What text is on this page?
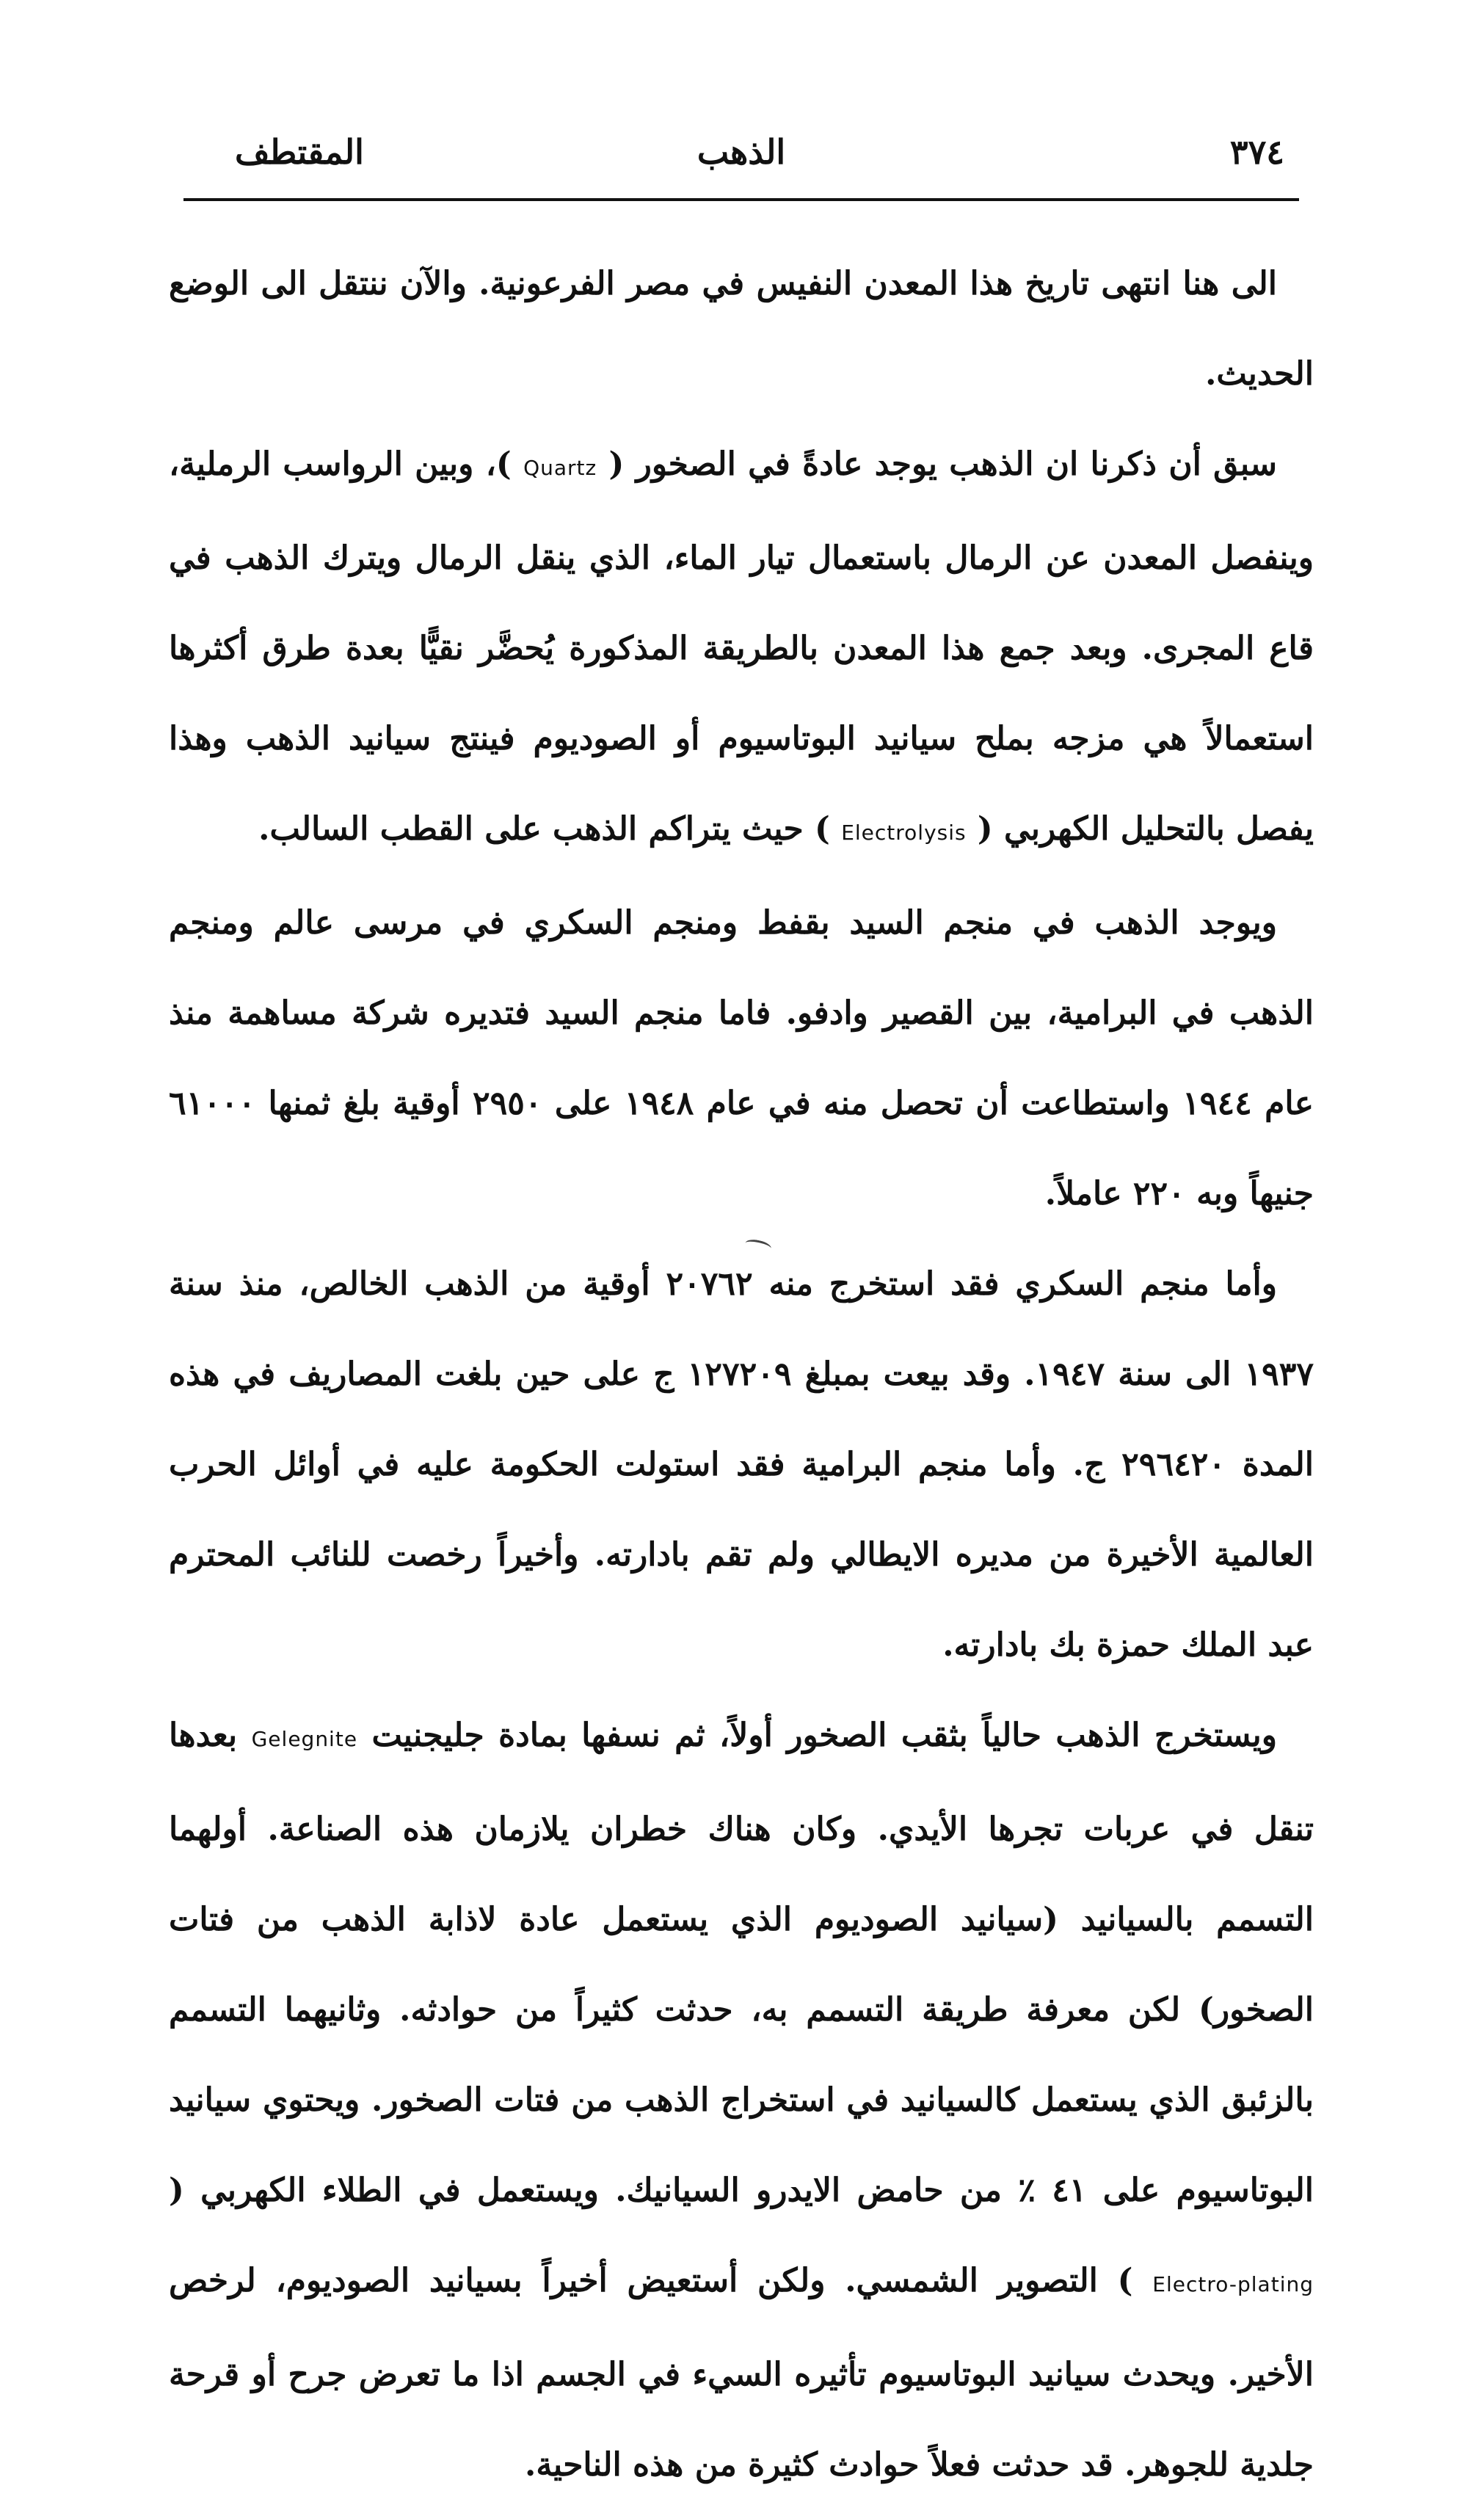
٣٧٤
الذهب
المقتطف

الى هنا انتهى تاريخ هذا المعدن النفيس في مصر الفرعونية. والآن ننتقل الى الوضع الحديث.

سبق أن ذكرنا ان الذهب يوجد عادةً في الصخور ( Quartz )، وبين الرواسب الرملية، وينفصل المعدن عن الرمال باستعمال تيار الماء، الذي ينقل الرمال ويترك الذهب في قاع المجرى. وبعد جمع هذا المعدن بالطريقة المذكورة يُحضَّر نقيًّا بعدة طرق أكثرها استعمالاً هي مزجه بملح سيانيد البوتاسيوم أو الصوديوم فينتج سيانيد الذهب وهذا يفصل بالتحليل الكهربي ( Electrolysis ) حيث يتراكم الذهب على القطب السالب.

ويوجد الذهب في منجم السيد بقفط ومنجم السكري في مرسى عالم ومنجم الذهب في البرامية، بين القصير وادفو. فاما منجم السيد فتديره شركة مساهمة منذ عام ١٩٤٤ واستطاعت أن تحصل منه في عام ١٩٤٨ على ٢٩٥٠ أوقية بلغ ثمنها ٦١٠٠٠ جنيهاً وبه ٢٢٠ عاملاً.

وأما منجم السكري فقد استخرج منه ٢٠٧٦٢ أوقية من الذهب الخالص، منذ سنة ١٩٣٧ الى سنة ١٩٤٧. وقد بيعت بمبلغ ١٢٧٢٠٩ ج على حين بلغت المصاريف في هذه المدة ٢٩٦٤٢٠ ج. وأما منجم البرامية فقد استولت الحكومة عليه في أوائل الحرب العالمية الأخيرة من مديره الايطالي ولم تقم بادارته. وأخيراً رخصت للنائب المحترم عبد الملك حمزة بك بادارته.

ويستخرج الذهب حالياً بثقب الصخور أولاً، ثم نسفها بمادة جليجنيت Gelegnite بعدها تنقل في عربات تجرها الأيدي. وكان هناك خطران يلازمان هذه الصناعة. أولهما التسمم بالسيانيد (سيانيد الصوديوم الذي يستعمل عادة لاذابة الذهب من فتات الصخور) لكن معرفة طريقة التسمم به، حدثت كثيراً من حوادثه. وثانيهما التسمم بالزئبق الذي يستعمل كالسيانيد في استخراج الذهب من فتات الصخور. ويحتوي سيانيد البوتاسيوم على ٤١ ٪ من حامض الايدرو السيانيك. ويستعمل في الطلاء الكهربي ( Electro-plating ) التصوير الشمسي. ولكن أستعيض أخيراً بسيانيد الصوديوم، لرخص الأخير. ويحدث سيانيد البوتاسيوم تأثيره السيء في الجسم اذا ما تعرض جرح أو قرحة جلدية للجوهر. قد حدثت فعلاً حوادث كثيرة من هذه الناحية.
